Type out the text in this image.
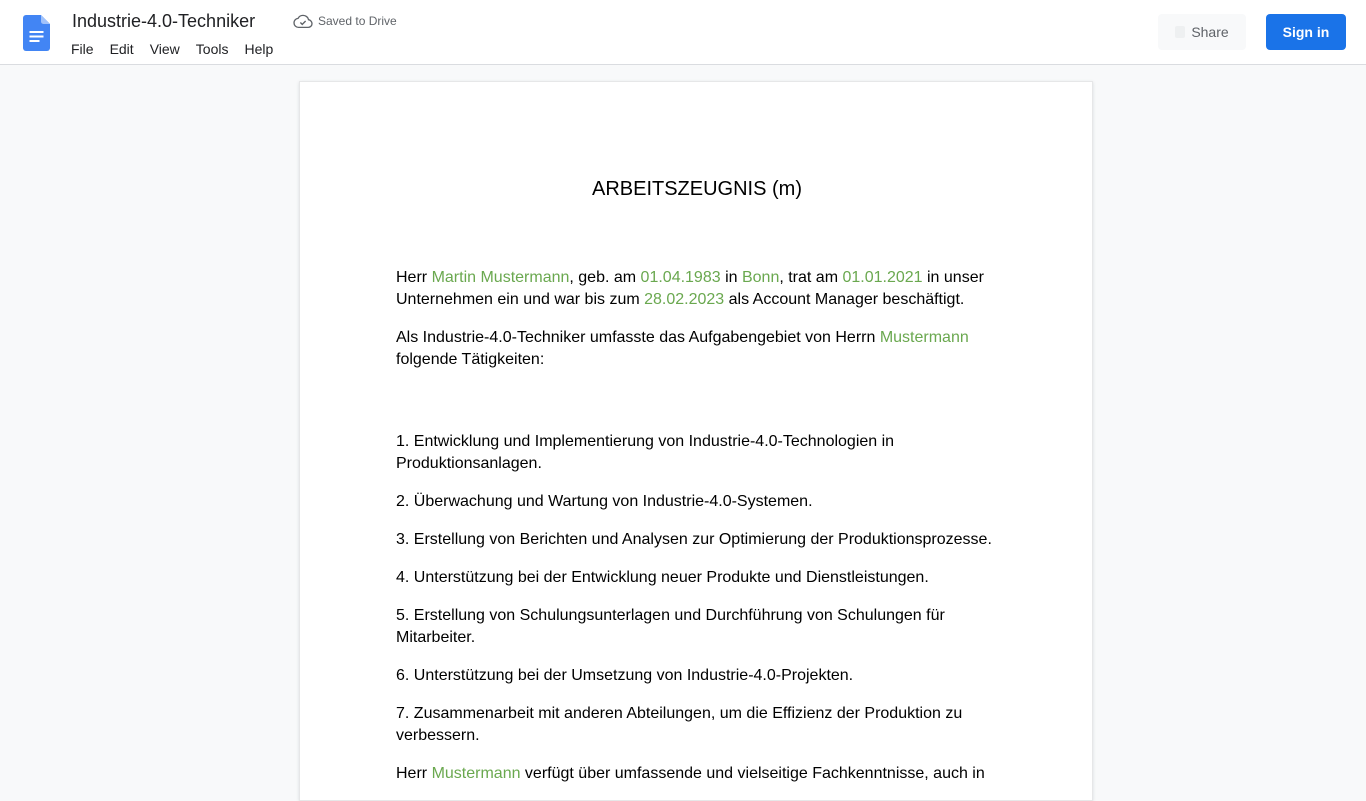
Industrie-4.0-Techniker	Saved to Drive
File	Edit	View	Tools	Help
Share	Sign in
ARBEITSZEUGNIS (m)

Herr Martin Mustermann, geb. am 01.04.1983 in Bonn, trat am 01.01.2021 in unser Unternehmen ein und war bis zum 28.02.2023 als Account Manager beschäftigt.

Als Industrie-4.0-Techniker umfasste das Aufgabengebiet von Herrn Mustermann folgende Tätigkeiten:

1. Entwicklung und Implementierung von Industrie-4.0-Technologien in Produktionsanlagen.

2. Überwachung und Wartung von Industrie-4.0-Systemen.

3. Erstellung von Berichten und Analysen zur Optimierung der Produktionsprozesse.

4. Unterstützung bei der Entwicklung neuer Produkte und Dienstleistungen.

5. Erstellung von Schulungsunterlagen und Durchführung von Schulungen für Mitarbeiter.

6. Unterstützung bei der Umsetzung von Industrie-4.0-Projekten.

7. Zusammenarbeit mit anderen Abteilungen, um die Effizienz der Produktion zu verbessern.

Herr Mustermann verfügt über umfassende und vielseitige Fachkenntnisse, auch in
